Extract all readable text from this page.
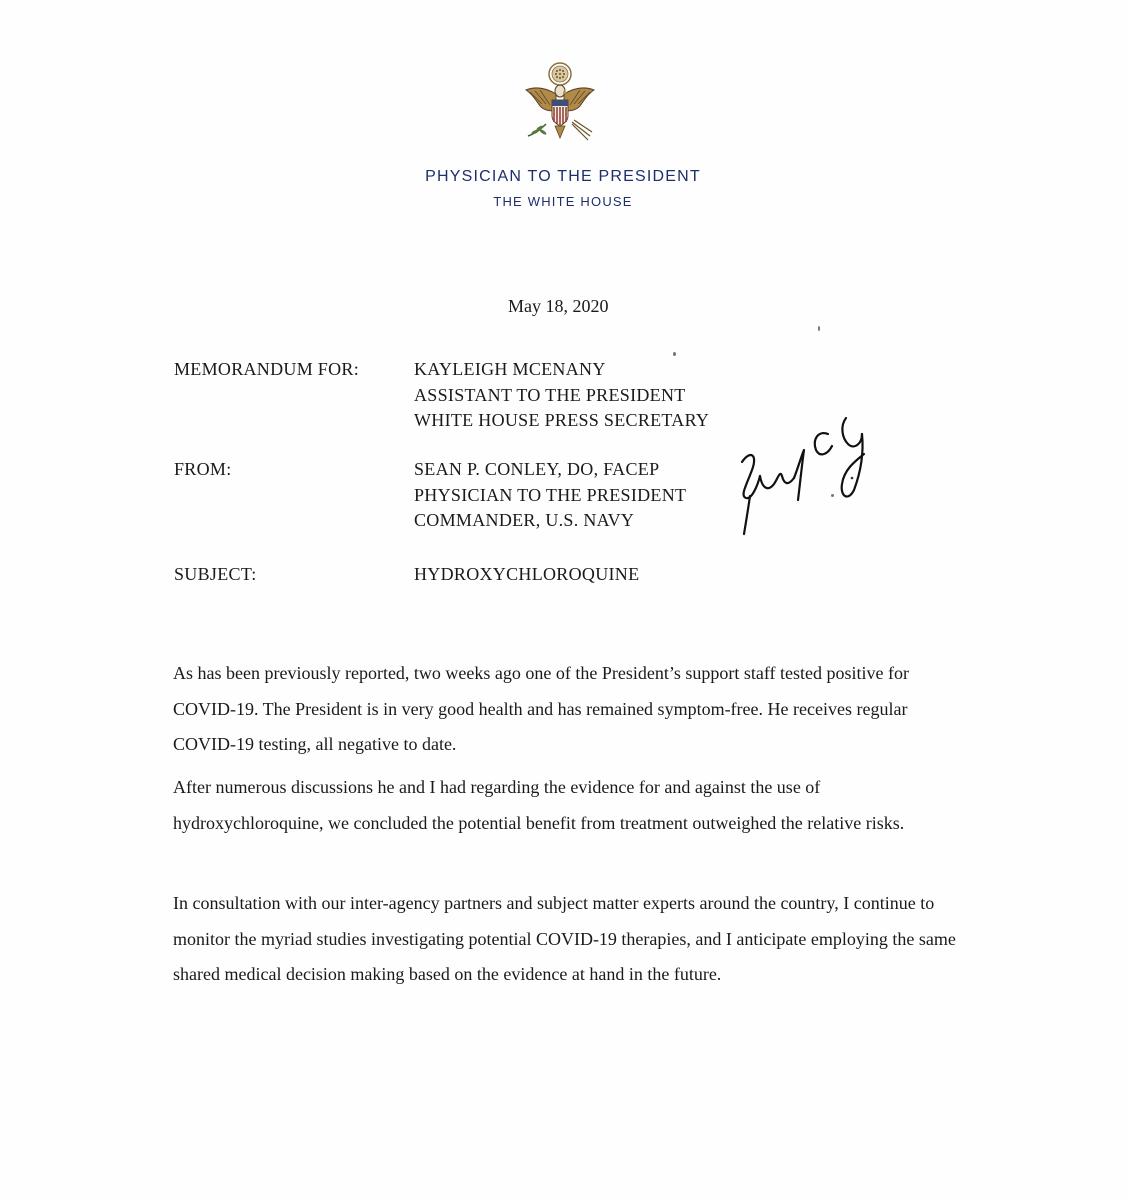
PHYSICIAN TO THE PRESIDENT
THE WHITE HOUSE
May 18, 2020
MEMORANDUM FOR:	KAYLEIGH MCENANY
ASSISTANT TO THE PRESIDENT
WHITE HOUSE PRESS SECRETARY
FROM:	SEAN P. CONLEY, DO, FACEP
PHYSICIAN TO THE PRESIDENT
COMMANDER, U.S. NAVY
SUBJECT:	HYDROXYCHLOROQUINE

As has been previously reported, two weeks ago one of the President’s support staff tested positive for COVID-19. The President is in very good health and has remained symptom-free. He receives regular COVID-19 testing, all negative to date.

After numerous discussions he and I had regarding the evidence for and against the use of hydroxychloroquine, we concluded the potential benefit from treatment outweighed the relative risks.

In consultation with our inter-agency partners and subject matter experts around the country, I continue to monitor the myriad studies investigating potential COVID-19 therapies, and I anticipate employing the same shared medical decision making based on the evidence at hand in the future.
